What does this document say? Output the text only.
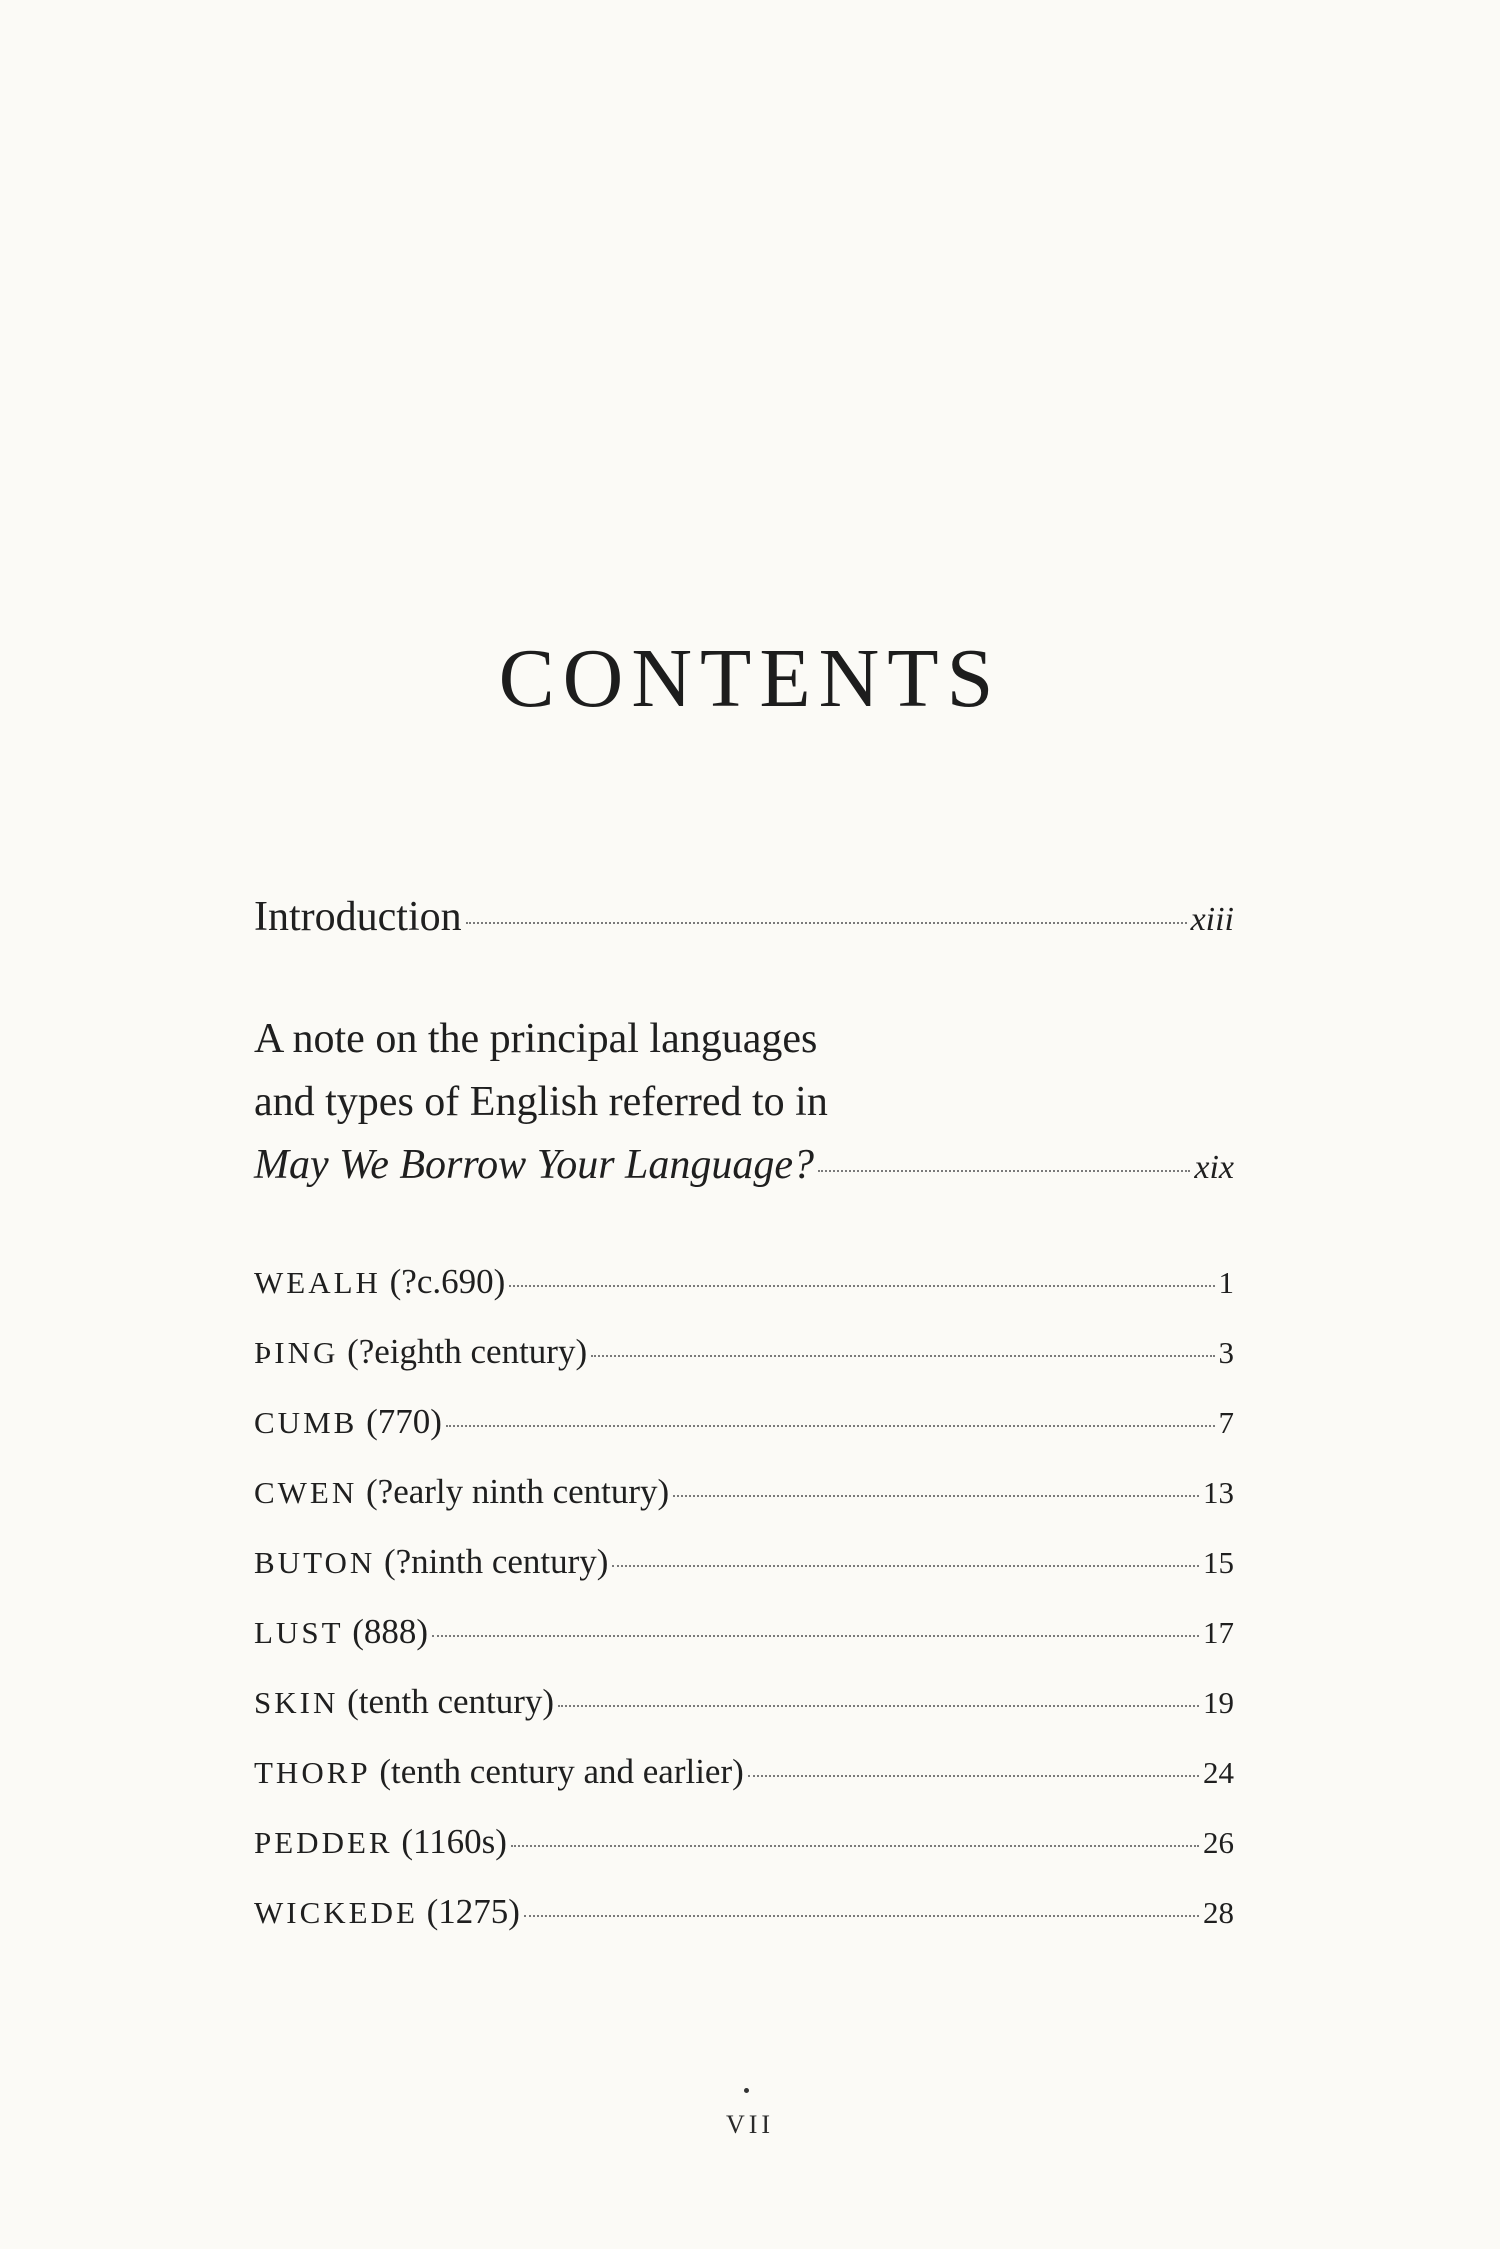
CONTENTS
Introduction	xiii
A note on the principal languages
and types of English referred to in
May We Borrow Your Language?	xix
WEALH (?c.690)	1
ÞING (?eighth century)	3
CUMB (770)	7
CWEN (?early ninth century)	13
BUTON (?ninth century)	15
LUST (888)	17
SKIN (tenth century)	19
THORP (tenth century and earlier)	24
PEDDER (1160s)	26
WICKEDE (1275)	28
VII
